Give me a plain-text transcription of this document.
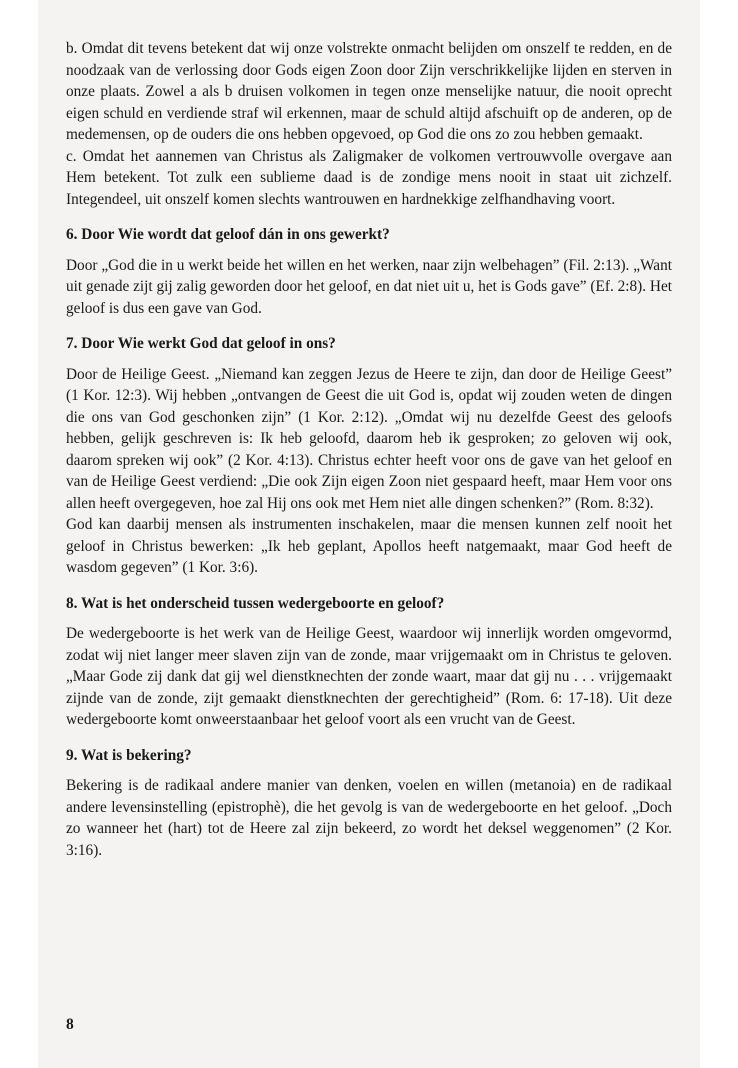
b. Omdat dit tevens betekent dat wij onze volstrekte onmacht belijden om onszelf te redden, en de noodzaak van de verlossing door Gods eigen Zoon door Zijn verschrikkelijke lijden en sterven in onze plaats. Zowel a als b druisen volkomen in tegen onze menselijke natuur, die nooit oprecht eigen schuld en verdiende straf wil erkennen, maar de schuld altijd afschuift op de anderen, op de medemensen, op de ouders die ons hebben opgevoed, op God die ons zo zou hebben gemaakt.

c. Omdat het aannemen van Christus als Zaligmaker de volkomen vertrouwvolle overgave aan Hem betekent. Tot zulk een sublieme daad is de zondige mens nooit in staat uit zichzelf. Integendeel, uit onszelf komen slechts wantrouwen en hardnekkige zelfhandhaving voort.

6. Door Wie wordt dat geloof dán in ons gewerkt?

Door „God die in u werkt beide het willen en het werken, naar zijn welbehagen” (Fil. 2:13). „Want uit genade zijt gij zalig geworden door het geloof, en dat niet uit u, het is Gods gave” (Ef. 2:8). Het geloof is dus een gave van God.

7. Door Wie werkt God dat geloof in ons?

Door de Heilige Geest. „Niemand kan zeggen Jezus de Heere te zijn, dan door de Heilige Geest” (1 Kor. 12:3). Wij hebben „ontvangen de Geest die uit God is, opdat wij zouden weten de dingen die ons van God geschonken zijn” (1 Kor. 2:12). „Omdat wij nu dezelfde Geest des geloofs hebben, gelijk geschreven is: Ik heb geloofd, daarom heb ik gesproken; zo geloven wij ook, daarom spreken wij ook” (2 Kor. 4:13). Christus echter heeft voor ons de gave van het geloof en van de Heilige Geest verdiend: „Die ook Zijn eigen Zoon niet gespaard heeft, maar Hem voor ons allen heeft overgegeven, hoe zal Hij ons ook met Hem niet alle dingen schenken?” (Rom. 8:32).

God kan daarbij mensen als instrumenten inschakelen, maar die mensen kunnen zelf nooit het geloof in Christus bewerken: „Ik heb geplant, Apollos heeft natgemaakt, maar God heeft de wasdom gegeven” (1 Kor. 3:6).

8. Wat is het onderscheid tussen wedergeboorte en geloof?

De wedergeboorte is het werk van de Heilige Geest, waardoor wij innerlijk worden omgevormd, zodat wij niet langer meer slaven zijn van de zonde, maar vrijgemaakt om in Christus te geloven. „Maar Gode zij dank dat gij wel dienstknechten der zonde waart, maar dat gij nu . . . vrijgemaakt zijnde van de zonde, zijt gemaakt dienstknechten der gerechtigheid” (Rom. 6: 17-18). Uit deze wedergeboorte komt onweerstaanbaar het geloof voort als een vrucht van de Geest.

9. Wat is bekering?

Bekering is de radikaal andere manier van denken, voelen en willen (metanoia) en de radikaal andere levensinstelling (epistrophè), die het gevolg is van de wedergeboorte en het geloof. „Doch zo wanneer het (hart) tot de Heere zal zijn bekeerd, zo wordt het deksel weggenomen” (2 Kor. 3:16).

8
